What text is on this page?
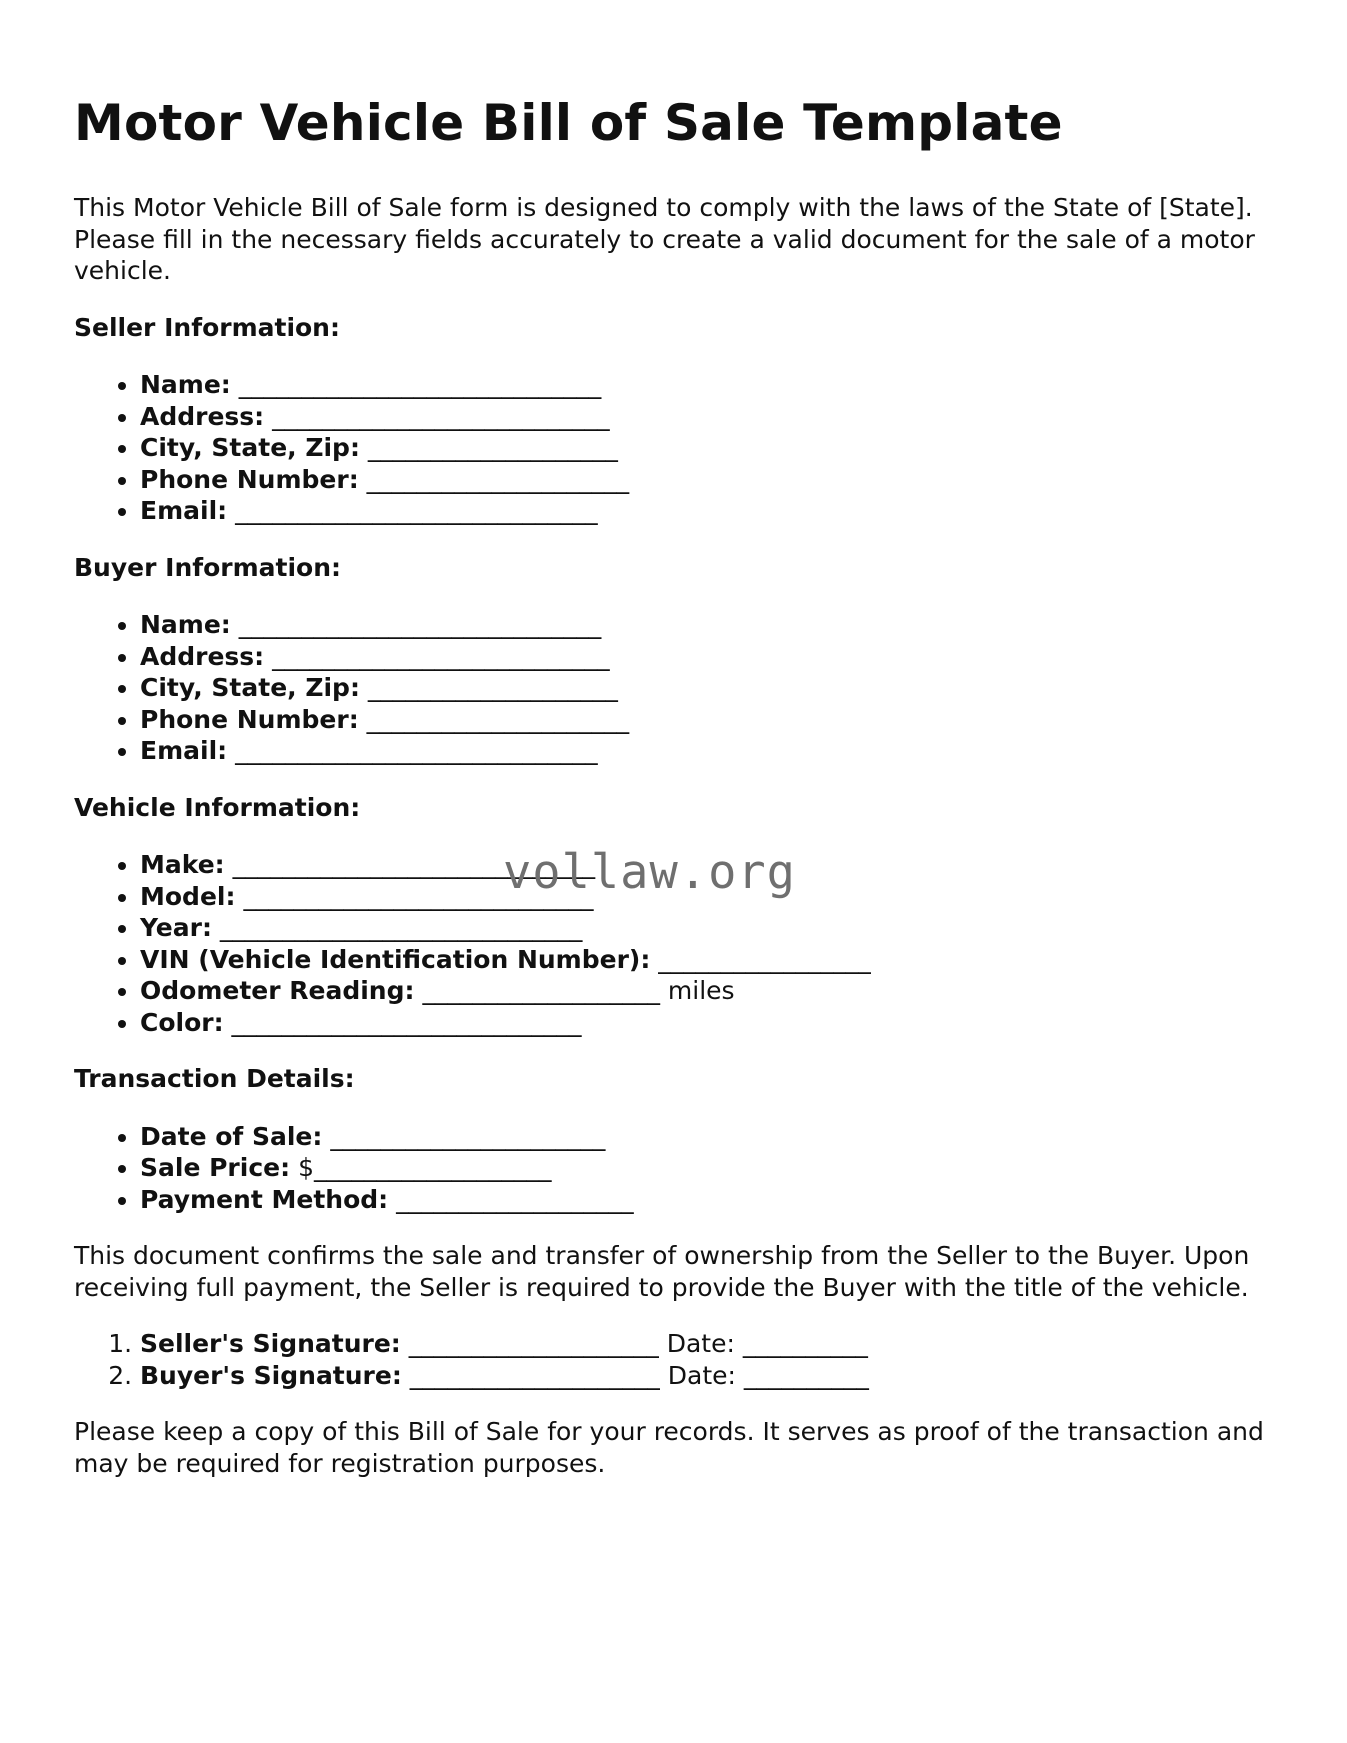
Motor Vehicle Bill of Sale Template

This Motor Vehicle Bill of Sale form is designed to comply with the laws of the State of [State]. Please fill in the necessary fields accurately to create a valid document for the sale of a motor vehicle.

Seller Information:
• Name: _____________________________
• Address: ___________________________
• City, State, Zip: ____________________
• Phone Number: _____________________
• Email: _____________________________
Buyer Information:
• Name: _____________________________
• Address: ___________________________
• City, State, Zip: ____________________
• Phone Number: _____________________
• Email: _____________________________
Vehicle Information:
• Make: _____________________________
• Model: ____________________________
• Year: _____________________________
• VIN (Vehicle Identification Number): _________________
• Odometer Reading: ___________________ miles
• Color: ____________________________
Transaction Details:
• Date of Sale: ______________________
• Sale Price: $___________________
• Payment Method: ___________________

This document confirms the sale and transfer of ownership from the Seller to the Buyer. Upon receiving full payment, the Seller is required to provide the Buyer with the title of the vehicle.

1. Seller's Signature: ____________________ Date: __________
2. Buyer's Signature: ____________________ Date: __________

Please keep a copy of this Bill of Sale for your records. It serves as proof of the transaction and may be required for registration purposes.

vollaw.org
